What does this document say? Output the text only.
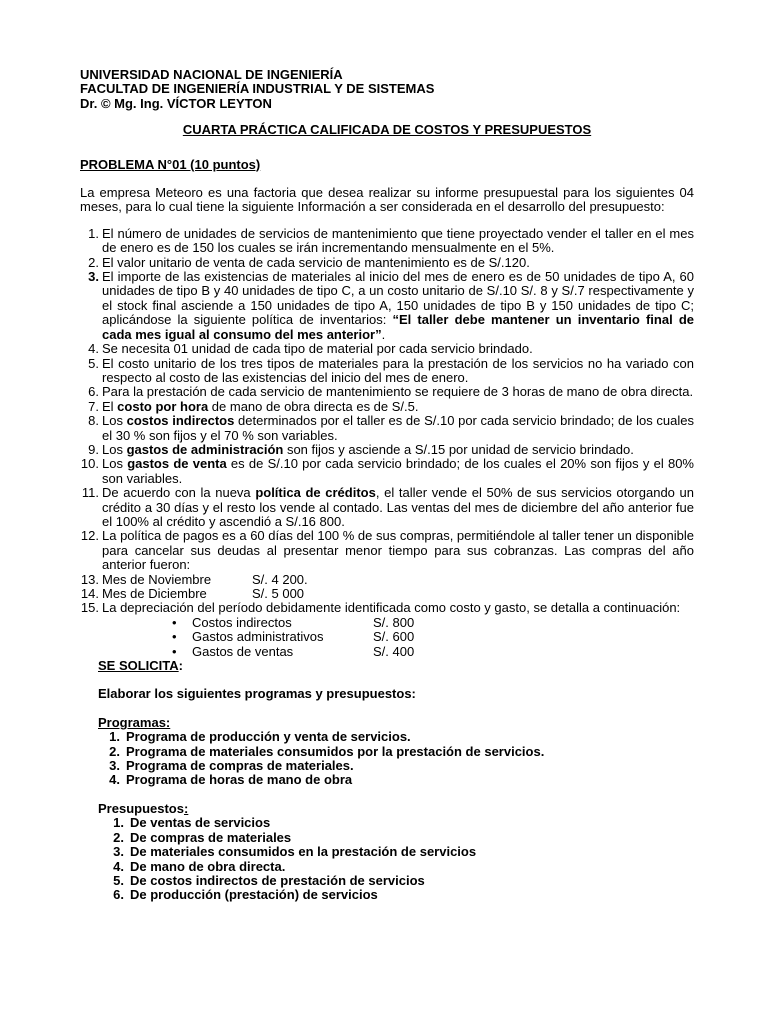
UNIVERSIDAD NACIONAL DE INGENIERÍA

FACULTAD DE INGENIERÍA INDUSTRIAL Y DE SISTEMAS

Dr. © Mg. Ing. VÍCTOR LEYTON

CUARTA PRÁCTICA CALIFICADA DE COSTOS Y PRESUPUESTOS
PROBLEMA N°01 (10 puntos)
La empresa Meteoro es una factoria que desea realizar su informe presupuestal para los siguientes 04 meses, para lo cual tiene la siguiente Información a ser considerada en el desarrollo del presupuesto:
1. El número de unidades de servicios de mantenimiento que tiene proyectado vender el taller en el mes de enero es de 150 los cuales se irán incrementando mensualmente en el 5%.
2. El valor unitario de venta de cada servicio de mantenimiento es de S/.120.
3. El importe de las existencias de materiales al inicio del mes de enero es de 50 unidades de tipo A, 60 unidades de tipo B y 40 unidades de tipo C, a un costo unitario de S/.10 S/. 8 y S/.7 respectivamente y el stock final asciende a 150 unidades de tipo A, 150 unidades de tipo B y 150 unidades de tipo C; aplicándose la siguiente política de inventarios: “El taller debe mantener un inventario final de cada mes igual al consumo del mes anterior”.
4. Se necesita 01 unidad de cada tipo de material por cada servicio brindado.
5. El costo unitario de los tres tipos de materiales para la prestación de los servicios no ha variado con respecto al costo de las existencias del inicio del mes de enero.
6. Para la prestación de cada servicio de mantenimiento se requiere de 3 horas de mano de obra directa.
7. El costo por hora de mano de obra directa es de S/.5.
8. Los costos indirectos determinados por el taller es de S/.10 por cada servicio brindado; de los cuales el 30 % son fijos y el 70 % son variables.
9. Los gastos de administración son fijos y asciende a S/.15 por unidad de servicio brindado.
10. Los gastos de venta es de S/.10 por cada servicio brindado; de los cuales el 20% son fijos y el 80% son variables.
11. De acuerdo con la nueva política de créditos, el taller vende el 50% de sus servicios otorgando un crédito a 30 días y el resto los vende al contado. Las ventas del mes de diciembre del año anterior fue el 100% al crédito y ascendió a S/.16 800.
12. La política de pagos es a 60 días del 100 % de sus compras, permitiéndole al taller tener un disponible para cancelar sus deudas al presentar menor tiempo para sus cobranzas. Las compras del año anterior fueron:
13. Mes de Noviembre	S/. 4 200.
14. Mes de Diciembre	S/. 5 000
15. La depreciación del período debidamente identificada como costo y gasto, se detalla a continuación:
•	Costos indirectos	S/. 800
•	Gastos administrativos	S/. 600
•	Gastos de ventas	S/. 400

SE SOLICITA:

Elaborar los siguientes programas y presupuestos:

Programas:

1. Programa de producción y venta de servicios.
2. Programa de materiales consumidos por la prestación de servicios.
3. Programa de compras de materiales.
4. Programa de horas de mano de obra

Presupuestos:

1. De ventas de servicios
2. De compras de materiales
3. De materiales consumidos en la prestación de servicios
4. De mano de obra directa.
5. De costos indirectos de prestación de servicios
6. De producción (prestación) de servicios
